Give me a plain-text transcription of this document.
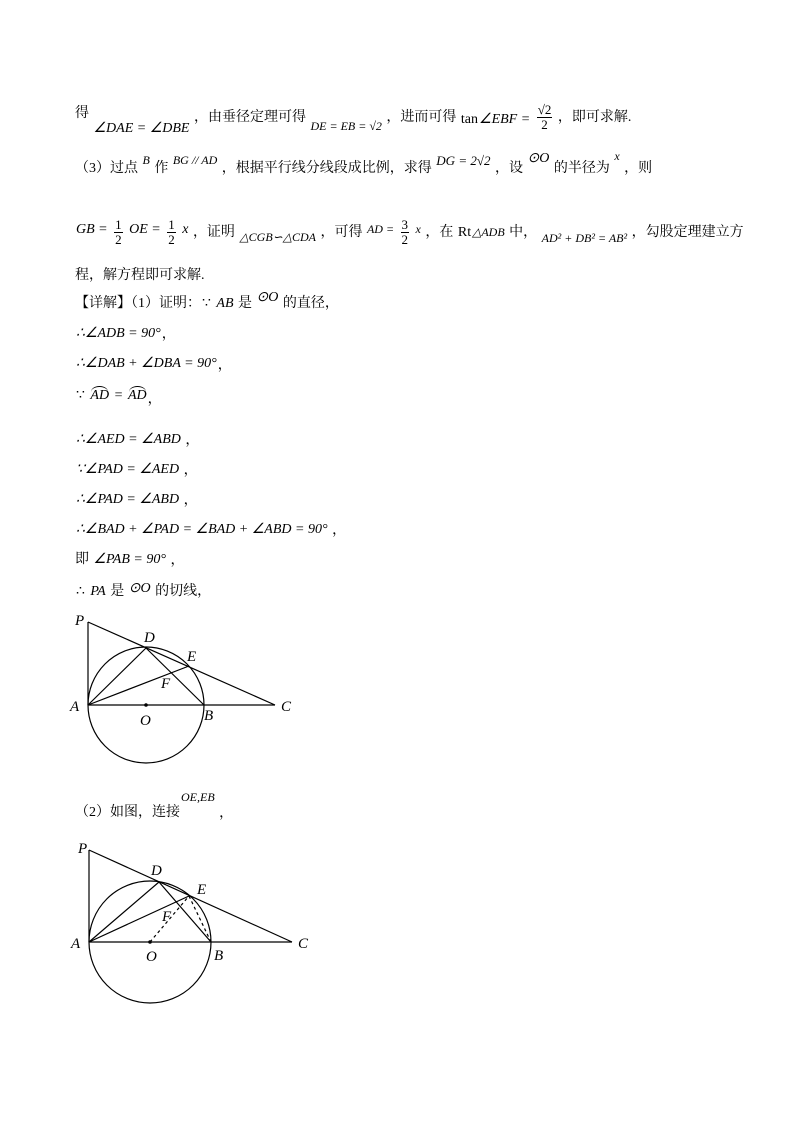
得 ∠DAE = ∠DBE ，由垂径定理可得 DE = EB = √2 ，进而可得 tan∠EBF = $\frac{√2}{2}$ ，即可求解.
（3）过点 B 作 BG // AD ，根据平行线分线段成比例，求得 DG = 2√2 ，设 ⊙O 的半径为 x ，则
GB = $\frac{1}{2}$ OE = $\frac{1}{2}$ x ，证明 △CGB∽△CDA ，可得 AD = $\frac{3}{2}$ x ，在 Rt△ADB 中， AD² + DB² = AB² ，勾股定理建立方
程，解方程即可求解.
【详解】（1）证明：∵ AB 是 ⊙O 的直径，
∴∠ADB = 90°，
∴∠DAB + ∠DBA = 90°，
∵ AD = AD，
∴∠AED = ∠ABD ，
∵∠PAD = ∠AED ，
∴∠PAD = ∠ABD ，
∴∠BAD + ∠PAD = ∠BAD + ∠ABD = 90° ，
即 ∠PAB = 90° ，
∴ PA 是 ⊙O 的切线，
P
D
E
F
A
O	B
C
（2）如图，连接OE,EB ，
P
D
E
F
A
O	B
C
